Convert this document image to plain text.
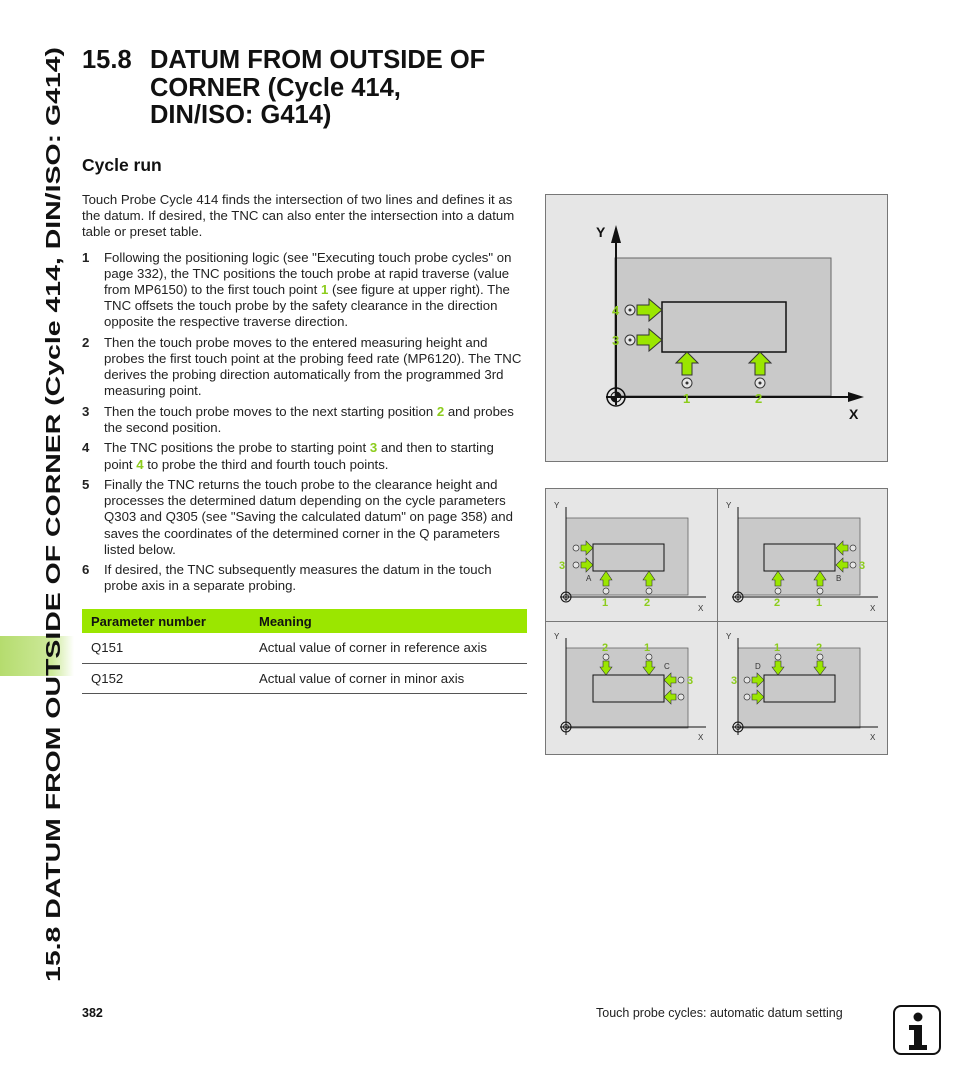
15.8 DATUM FROM OUTSIDE OF CORNER (Cycle 414, DIN/ISO: G414)
15.8 DATUM FROM OUTSIDE OF
CORNER (Cycle 414,
DIN/ISO: G414)
Cycle run

Touch Probe Cycle 414 finds the intersection of two lines and defines it as the datum. If desired, the TNC can also enter the intersection into a datum table or preset table.

1 Following the positioning logic (see "Executing touch probe cycles" on page 332), the TNC positions the touch probe at rapid traverse (value from MP6150) to the first touch point 1 (see figure at upper right). The TNC offsets the touch probe by the safety clearance in the direction opposite the respective traverse direction.
2 Then the touch probe moves to the entered measuring height and probes the first touch point at the probing feed rate (MP6120). The TNC derives the probing direction automatically from the programmed 3rd measuring point.
3 Then the touch probe moves to the next starting position 2 and probes the second position.
4 The TNC positions the probe to starting point 3 and then to starting point 4 to probe the third and fourth touch points.
5 Finally the TNC returns the touch probe to the clearance height and processes the determined datum depending on the cycle parameters Q303 and Q305 (see "Saving the calculated datum" on page 358) and saves the coordinates of the determined corner in the Q parameters listed below.
6 If desired, the TNC subsequently measures the datum in the touch probe axis in a separate probing.
Parameter number	Meaning
Q151	Actual value of corner in reference axis
Q152	Actual value of corner in minor axis
Y
X
1	2
4
3
Y
X
3
A
1	2
Y
X
3
B
2	1
Y
X
2	1
C
3
Y
X
1	2
D
3
382	Touch probe cycles: automatic datum setting
